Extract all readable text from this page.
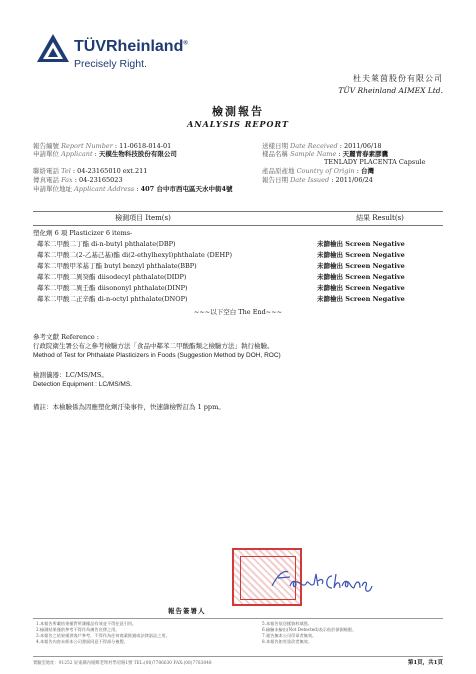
TÜVRheinland®
Precisely Right.
杜夫萊茵股份有限公司
TÜV Rheinland AIMEX Ltd.
檢測報告
ANALYSIS REPORT
報告編號 Report Number : 11-0618-014-01
申請單位 Applicant : 天模生物科技股份有限公司
聯絡電話 Tel : 04-23165010 ext.211
傳真電話 Fax : 04-23165023
申請單位地址 Applicant Address : 407 台中市西屯區天水中街4號
送樣日期 Date Received : 2011/06/18
樣品名稱 Sample Name : 天麗青春素膠囊
TENLADY PLACENTA Capsule
產品原產地 Country of Origin : 台灣
報告日期 Date Issued : 2011/06/24
檢測項目 Item(s)	結果 Result(s)
塑化劑 6 項 Plasticizer 6 items-
鄰苯二甲酸二丁酯 di-n-butyl phthalate(DBP)	未篩檢出 Screen Negative
鄰苯二甲酸二(2-乙基己基)酯 di(2-ethylhexyl)phthalate (DEHP)	未篩檢出 Screen Negative
鄰苯二甲酸甲苯基丁酯 butyl benzyl phthalate(BBP)	未篩檢出 Screen Negative
鄰苯二甲酸二異癸酯 diisodecyl phthalate(DIDP)	未篩檢出 Screen Negative
鄰苯二甲酸二異壬酯 diisononyl phthalate(DINP)	未篩檢出 Screen Negative
鄰苯二甲酸二正辛酯 di-n-octyl phthalate(DNOP)	未篩檢出 Screen Negative
~~~以下空白 The End~~~
參考文獻 Reference :
行政院衛生署公布之參考檢驗方法「食品中鄰苯二甲酸酯類之檢驗方法」執行檢驗。
Method of Test for Phthalate Plasticizers in Foods (Suggestion Method by DOH, ROC)
檢測儀器：LC/MS/MS。
Detection Equipment : LC/MS/MS.
備註：本檢驗係為因應塑化劑汙染事件，快速篩檢暫訂為 1 ppm。
報告簽署人
1.本報告所載結果僅對所測樣品有效並不得任意引用。
2.檢測結果僅供參考不得作為廣告宣傳之用。
3.本報告之結果僅供客戶參考，不得作為任何商業推銷或法律訴訟之用。
4.本報告內容未經本公司書面同意不得部分複製。
5.本報告依送樣資料填寫。
6.檢驗未檢出(Not Detected)表示低於偵測極限。
7.報告無本公司印章者無效。
8.本報告如有塗改者無效。
實驗室地址：91252 屏東縣內埔鄉老埤村學府路1號 TEL:(08)7786630 FAX:(08)7783848	第1頁，共1頁
